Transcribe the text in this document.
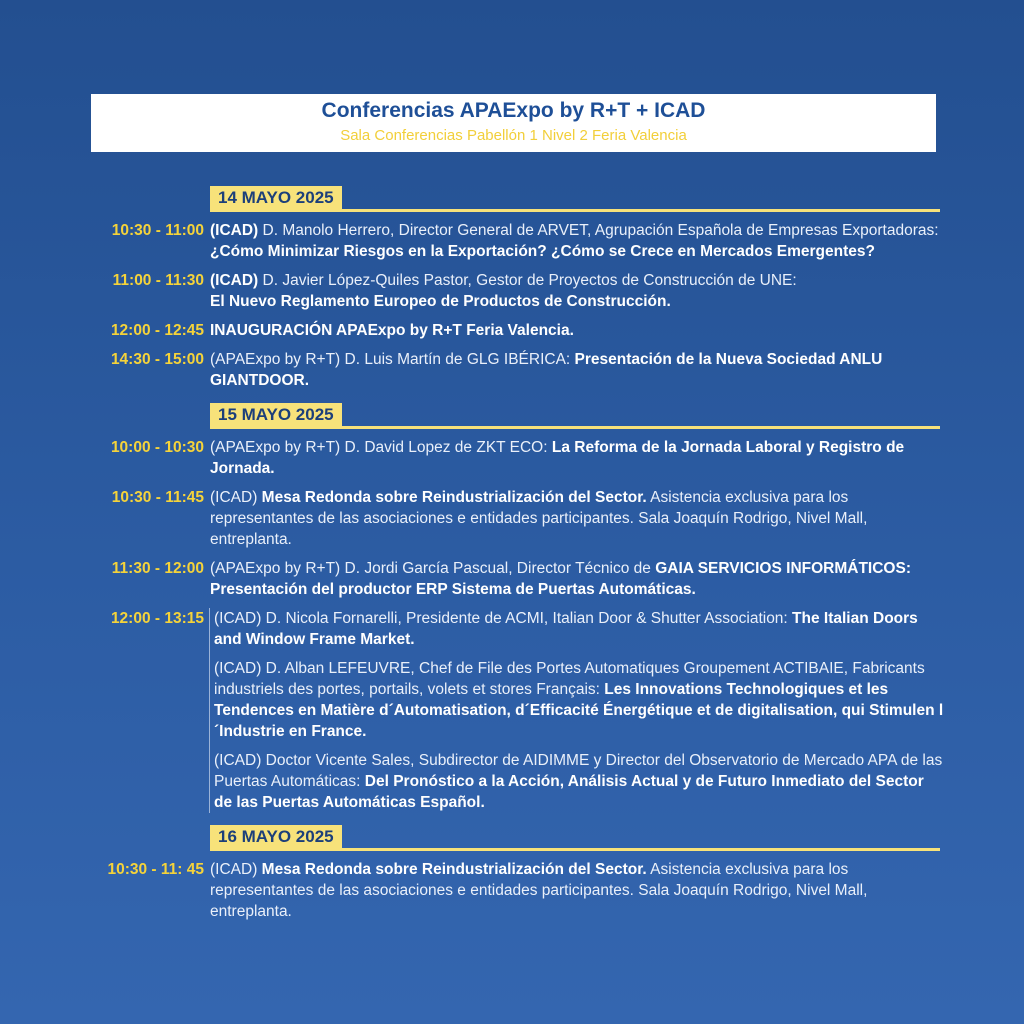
Conferencias APAExpo by R+T + ICAD
Sala Conferencias Pabellón 1 Nivel 2 Feria Valencia
14 MAYO 2025
10:30 - 11:00 (ICAD) D. Manolo Herrero, Director General de ARVET, Agrupación Española de Empresas Exportadoras: ¿Cómo Minimizar Riesgos en la Exportación? ¿Cómo se Crece en Mercados Emergentes?
11:00 - 11:30 (ICAD) D. Javier López-Quiles Pastor, Gestor de Proyectos de Construcción de UNE:
El Nuevo Reglamento Europeo de Productos de Construcción.
12:00 - 12:45 INAUGURACIÓN APAExpo by R+T Feria Valencia.
14:30 - 15:00 (APAExpo by R+T) D. Luis Martín de GLG IBÉRICA: Presentación de la Nueva Sociedad ANLU GIANTDOOR.
15 MAYO 2025
10:00 - 10:30 (APAExpo by R+T) D. David Lopez de ZKT ECO: La Reforma de la Jornada Laboral y Registro de Jornada.
10:30 - 11:45 (ICAD) Mesa Redonda sobre Reindustrialización del Sector. Asistencia exclusiva para los representantes de las asociaciones e entidades participantes. Sala Joaquín Rodrigo, Nivel Mall, entreplanta.
11:30 - 12:00 (APAExpo by R+T) D. Jordi García Pascual, Director Técnico de GAIA SERVICIOS INFORMÁTICOS: Presentación del productor ERP Sistema de Puertas Automáticas.
12:00 - 13:15 (ICAD) D. Nicola Fornarelli, Presidente de ACMI, Italian Door & Shutter Association: The Italian Doors and Window Frame Market.
(ICAD) D. Alban LEFEUVRE, Chef de File des Portes Automatiques Groupement ACTIBAIE, Fabricants industriels des portes, portails, volets et stores Français: Les Innovations Technologiques et les Tendences en Matière d´Automatisation, d´Efficacité Énergétique et de digitalisation, qui Stimulen l´Industrie en France.
(ICAD) Doctor Vicente Sales, Subdirector de AIDIMME y Director del Observatorio de Mercado APA de las Puertas Automáticas: Del Pronóstico a la Acción, Análisis Actual y de Futuro Inmediato del Sector de las Puertas Automáticas Español.
16 MAYO 2025
10:30 - 11: 45 (ICAD) Mesa Redonda sobre Reindustrialización del Sector. Asistencia exclusiva para los representantes de las asociaciones e entidades participantes. Sala Joaquín Rodrigo, Nivel Mall, entreplanta.
